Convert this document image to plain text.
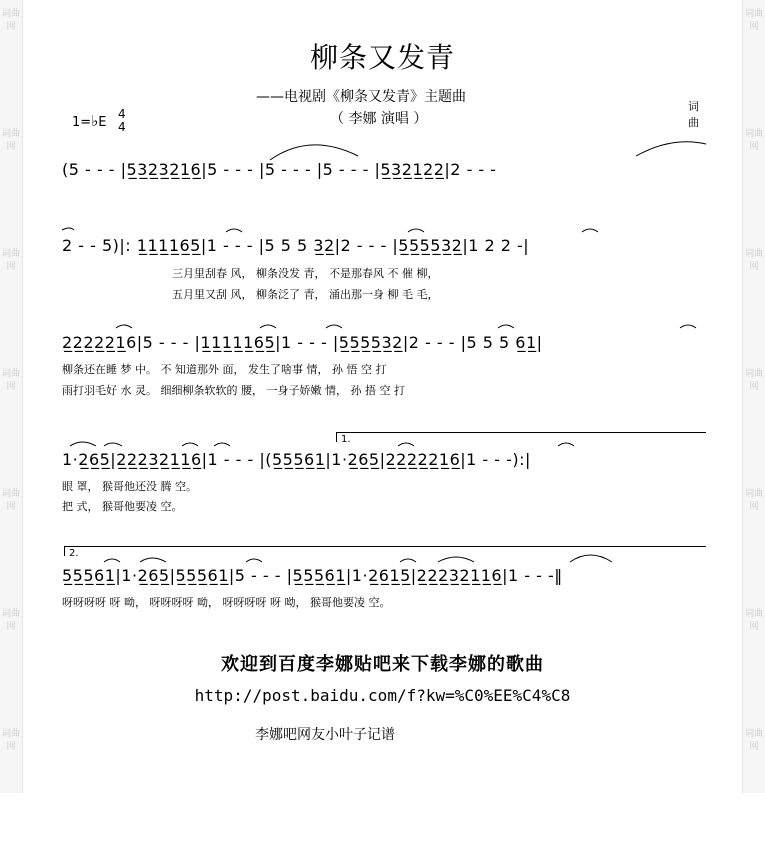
词曲网
词曲网
词曲网
词曲网
词曲网
词曲网
词曲网
词曲网
词曲网
词曲网
词曲网
词曲网
词曲网
词曲网
柳条又发青
——电视剧《柳条又发青》主题曲
（ 李娜 演唱 ）
词
曲
1=♭E
4
4
(5 - - - |5̲3̲2̲3̲2̲1̲6̲|5 - - - |5 - - - |5 - - - |5̲3̲2̲1̲2̲2̲|2 - - -
2 - - 5)|: 1̲1̲1̲1̲6̲5̲|1 - - - |5 5 5 3̲2̲|2 - - - |5̲5̲5̲5̲3̲2̲|1 2 2 -|
三月里刮春 风， 柳条没发 青， 不是那春风 不 催 柳，
五月里又刮 风， 柳条泛了 青， 涌出那一身 柳 毛 毛，
2̲2̲2̲2̲2̲1̲6|5 - - - |1̲1̲1̲1̲1̲6̲5̲|1 - - - |5̲5̲5̲5̲3̲2̲|2 - - - |5 5 5 6̲1̲|
柳条还在睡 梦 中。 不 知道那外 面， 发生了啥事 情， 孙 悟 空 打
雨打羽毛好 水 灵。 细细柳条软软的 腰， 一身子娇嫩 情， 孙 捂 空 打
1.
1·2̲6̲5̲|2̲2̲2̲3̲2̲1̲1̲6̲|1 - - - |(5̲5̲5̲6̲1̲|1·2̲6̲5̲|2̲2̲2̲2̲2̲1̲6̲|1 - - -):|
眼 罩， 猴哥他还没 腾 空。
把 式， 猴哥他要凌 空。
2.
5̲5̲5̲6̲1̲|1·2̲6̲5̲|5̲5̲5̲6̲1̲|5 - - - |5̲5̲5̲6̲1̲|1·2̲6̲1̲5̲|2̲2̲2̲3̲2̲1̲1̲6̲|1 - - -‖
呀呀呀呀 呀 呦， 呀呀呀呀 呦， 呀呀呀呀 呀 呦， 猴哥他要凌 空。
欢迎到百度李娜贴吧来下载李娜的歌曲
http://post.baidu.com/f?kw=%C0%EE%C4%C8
李娜吧网友小叶子记谱
